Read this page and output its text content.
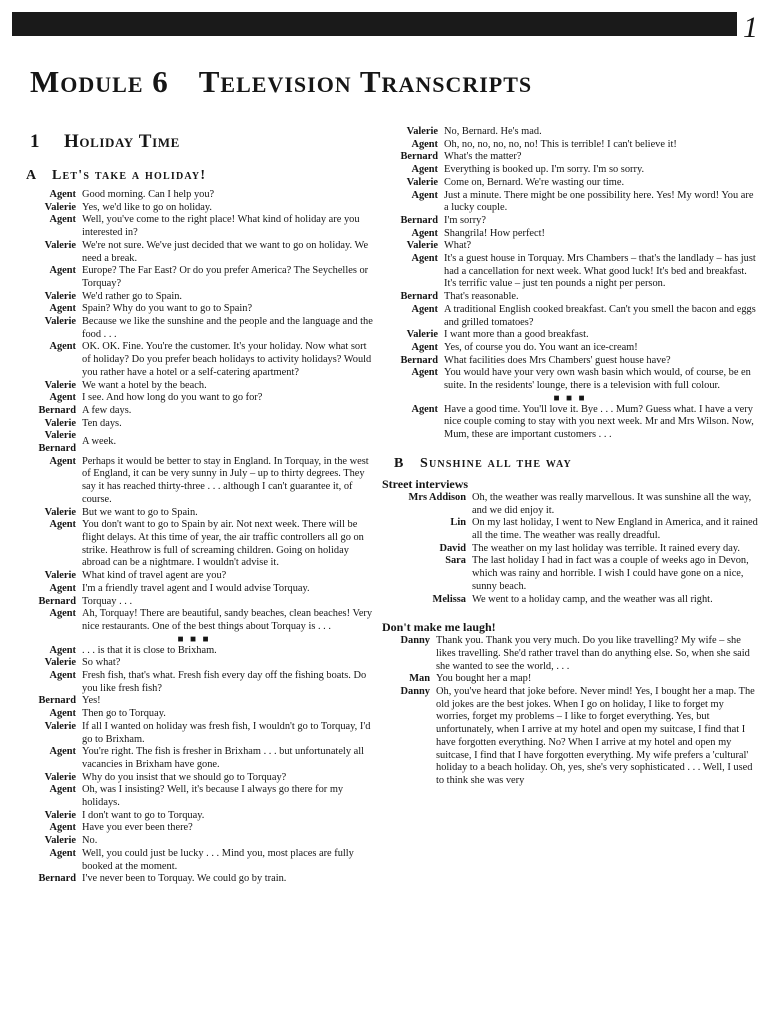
1
Module 6 Television Transcripts
1 Holiday Time
A Let's take a holiday!
Agent Good morning. Can I help you?
Valerie Yes, we'd like to go on holiday.
Agent Well, you've come to the right place! What kind of holiday are you interested in?
Valerie We're not sure. We've just decided that we want to go on holiday. We need a break.
Agent Europe? The Far East? Or do you prefer America? The Seychelles or Torquay?
Valerie We'd rather go to Spain.
Agent Spain? Why do you want to go to Spain?
Valerie Because we like the sunshine and the people and the language and the food . . .
Agent OK. OK. Fine. You're the customer. It's your holiday. Now what sort of holiday? Do you prefer beach holidays to activity holidays? Would you rather have a hotel or a self-catering apartment?
Valerie We want a hotel by the beach.
Agent I see. And how long do you want to go for?
Bernard A few days.
Valerie Ten days.
Valerie
Bernard
A week.
Agent Perhaps it would be better to stay in England. In Torquay, in the west of England, it can be very sunny in July – up to thirty degrees. They say it has reached thirty-three . . . although I can't guarantee it, of course.
Valerie But we want to go to Spain.
Agent You don't want to go to Spain by air. Not next week. There will be flight delays. At this time of year, the air traffic controllers all go on strike. Heathrow is full of screaming children. Going on holiday abroad can be a nightmare. I wouldn't advise it.
Valerie What kind of travel agent are you?
Agent I'm a friendly travel agent and I would advise Torquay.
Bernard Torquay . . .
Agent Ah, Torquay! There are beautiful, sandy beaches, clean beaches! Very nice restaurants. One of the best things about Torquay is . . .
■ ■ ■
Agent . . . is that it is close to Brixham.
Valerie So what?
Agent Fresh fish, that's what. Fresh fish every day off the fishing boats. Do you like fresh fish?
Bernard Yes!
Agent Then go to Torquay.
Valerie If all I wanted on holiday was fresh fish, I wouldn't go to Torquay, I'd go to Brixham.
Agent You're right. The fish is fresher in Brixham . . . but unfortunately all vacancies in Brixham have gone.
Valerie Why do you insist that we should go to Torquay?
Agent Oh, was I insisting? Well, it's because I always go there for my holidays.
Valerie I don't want to go to Torquay.
Agent Have you ever been there?
Valerie No.
Agent Well, you could just be lucky . . . Mind you, most places are fully booked at the moment.
Bernard I've never been to Torquay. We could go by train.
Valerie No, Bernard. He's mad.
Agent Oh, no, no, no, no, no! This is terrible! I can't believe it!
Bernard What's the matter?
Agent Everything is booked up. I'm sorry. I'm so sorry.
Valerie Come on, Bernard. We're wasting our time.
Agent Just a minute. There might be one possibility here. Yes! My word! You are a lucky couple.
Bernard I'm sorry?
Agent Shangrila! How perfect!
Valerie What?
Agent It's a guest house in Torquay. Mrs Chambers – that's the landlady – has just had a cancellation for next week. What good luck! It's bed and breakfast. It's terrific value – just ten pounds a night per person.
Bernard That's reasonable.
Agent A traditional English cooked breakfast. Can't you smell the bacon and eggs and grilled tomatoes?
Valerie I want more than a good breakfast.
Agent Yes, of course you do. You want an ice-cream!
Bernard What facilities does Mrs Chambers' guest house have?
Agent You would have your very own wash basin which would, of course, be en suite. In the residents' lounge, there is a television with full colour.
■ ■ ■
Agent Have a good time. You'll love it. Bye . . . Mum? Guess what. I have a very nice couple coming to stay with you next week. Mr and Mrs Wilson. Now, Mum, these are important customers . . .
B Sunshine all the way
Street interviews
Mrs Addison Oh, the weather was really marvellous. It was sunshine all the way, and we did enjoy it.
Lin On my last holiday, I went to New England in America, and it rained all the time. The weather was really dreadful.
David The weather on my last holiday was terrible. It rained every day.
Sara The last holiday I had in fact was a couple of weeks ago in Devon, which was rainy and horrible. I wish I could have gone on a nice, sunny beach.
Melissa We went to a holiday camp, and the weather was all right.
Don't make me laugh!
Danny Thank you. Thank you very much. Do you like travelling? My wife – she likes travelling. She'd rather travel than do anything else. So, when she said she wanted to see the world, . . .
Man You bought her a map!
Danny Oh, you've heard that joke before. Never mind! Yes, I bought her a map. The old jokes are the best jokes. When I go on holiday, I like to forget my worries, forget my problems – I like to forget everything. Yes, but unfortunately, when I arrive at my hotel and open my suitcase, I find that I have forgotten everything. No? When I arrive at my hotel and open my suitcase, I find that I have forgotten everything. My wife prefers a 'cultural' holiday to a beach holiday. Oh, yes, she's very sophisticated . . . Well, I used to think she was very
